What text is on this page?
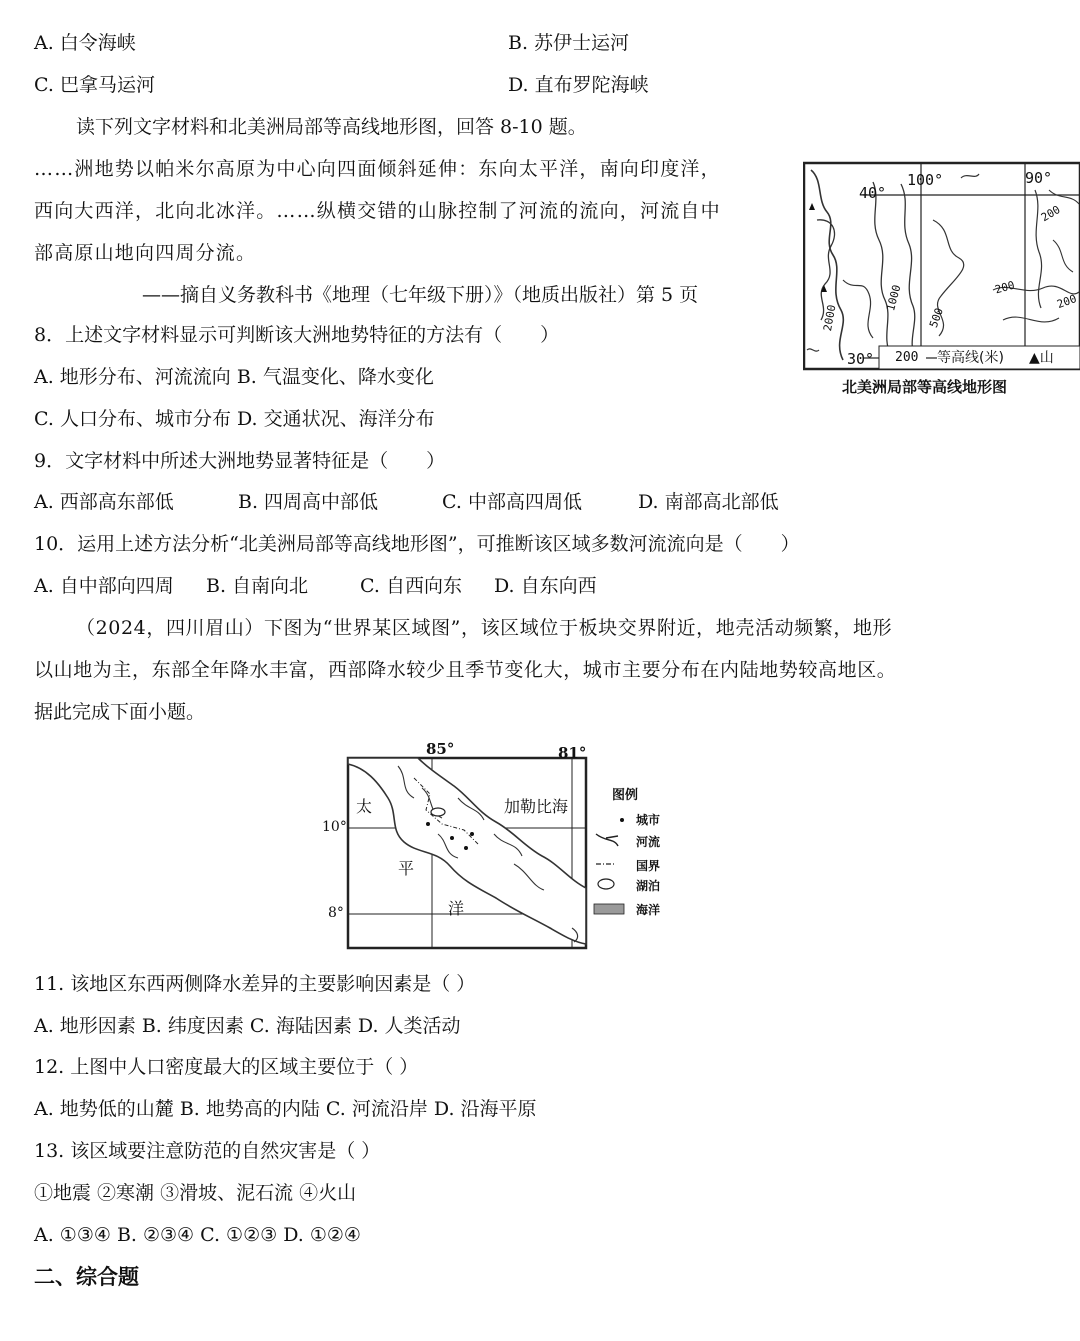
A. 白令海峡	B. 苏伊士运河
C. 巴拿马运河	D. 直布罗陀海峡
读下列文字材料和北美洲局部等高线地形图，回答 8-10 题。
……洲地势以帕米尔高原为中心向四面倾斜延伸：东向太平洋，南向印度洋，
西向大西洋，北向北冰洋。……纵横交错的山脉控制了河流的流向，河流自中
部高原山地向四周分流。
——摘自义务教科书《地理（七年级下册）》（地质出版社）第 5 页
8．上述文字材料显示可判断该大洲地势特征的方法有（　　）
A. 地形分布、河流流向 B. 气温变化、降水变化
C. 人口分布、城市分布 D. 交通状况、海洋分布
9．文字材料中所述大洲地势显著特征是（　　）
A. 西部高东部低	B. 四周高中部低	C. 中部高四周低	D. 南部高北部低
10．运用上述方法分析“北美洲局部等高线地形图”，可推断该区域多数河流流向是（　　）
A. 自中部向四周 B. 自南向北	C. 自西向东 D. 自东向西
40°
100°	90°
30°
2000
1000
500
200
200
200
200 等高线(米) ▲山
北美洲局部等高线地形图
（2024，四川眉山）下图为“世界某区域图”，该区域位于板块交界附近，地壳活动频繁，地形
以山地为主，东部全年降水丰富，西部降水较少且季节变化大，城市主要分布在内陆地势较高地区。
据此完成下面小题。
85°	81°
10°
8°
太
平
洋
加勒比海
图例
城市
河流
国界
湖泊
海洋
11. 该地区东西两侧降水差异的主要影响因素是（ ）
A. 地形因素 B. 纬度因素 C. 海陆因素 D. 人类活动
12. 上图中人口密度最大的区域主要位于（ ）
A. 地势低的山麓 B. 地势高的内陆 C. 河流沿岸 D. 沿海平原
13. 该区域要注意防范的自然灾害是（ ）
①地震 ②寒潮 ③滑坡、泥石流 ④火山
A. ①③④ B. ②③④ C. ①②③ D. ①②④
二、综合题
